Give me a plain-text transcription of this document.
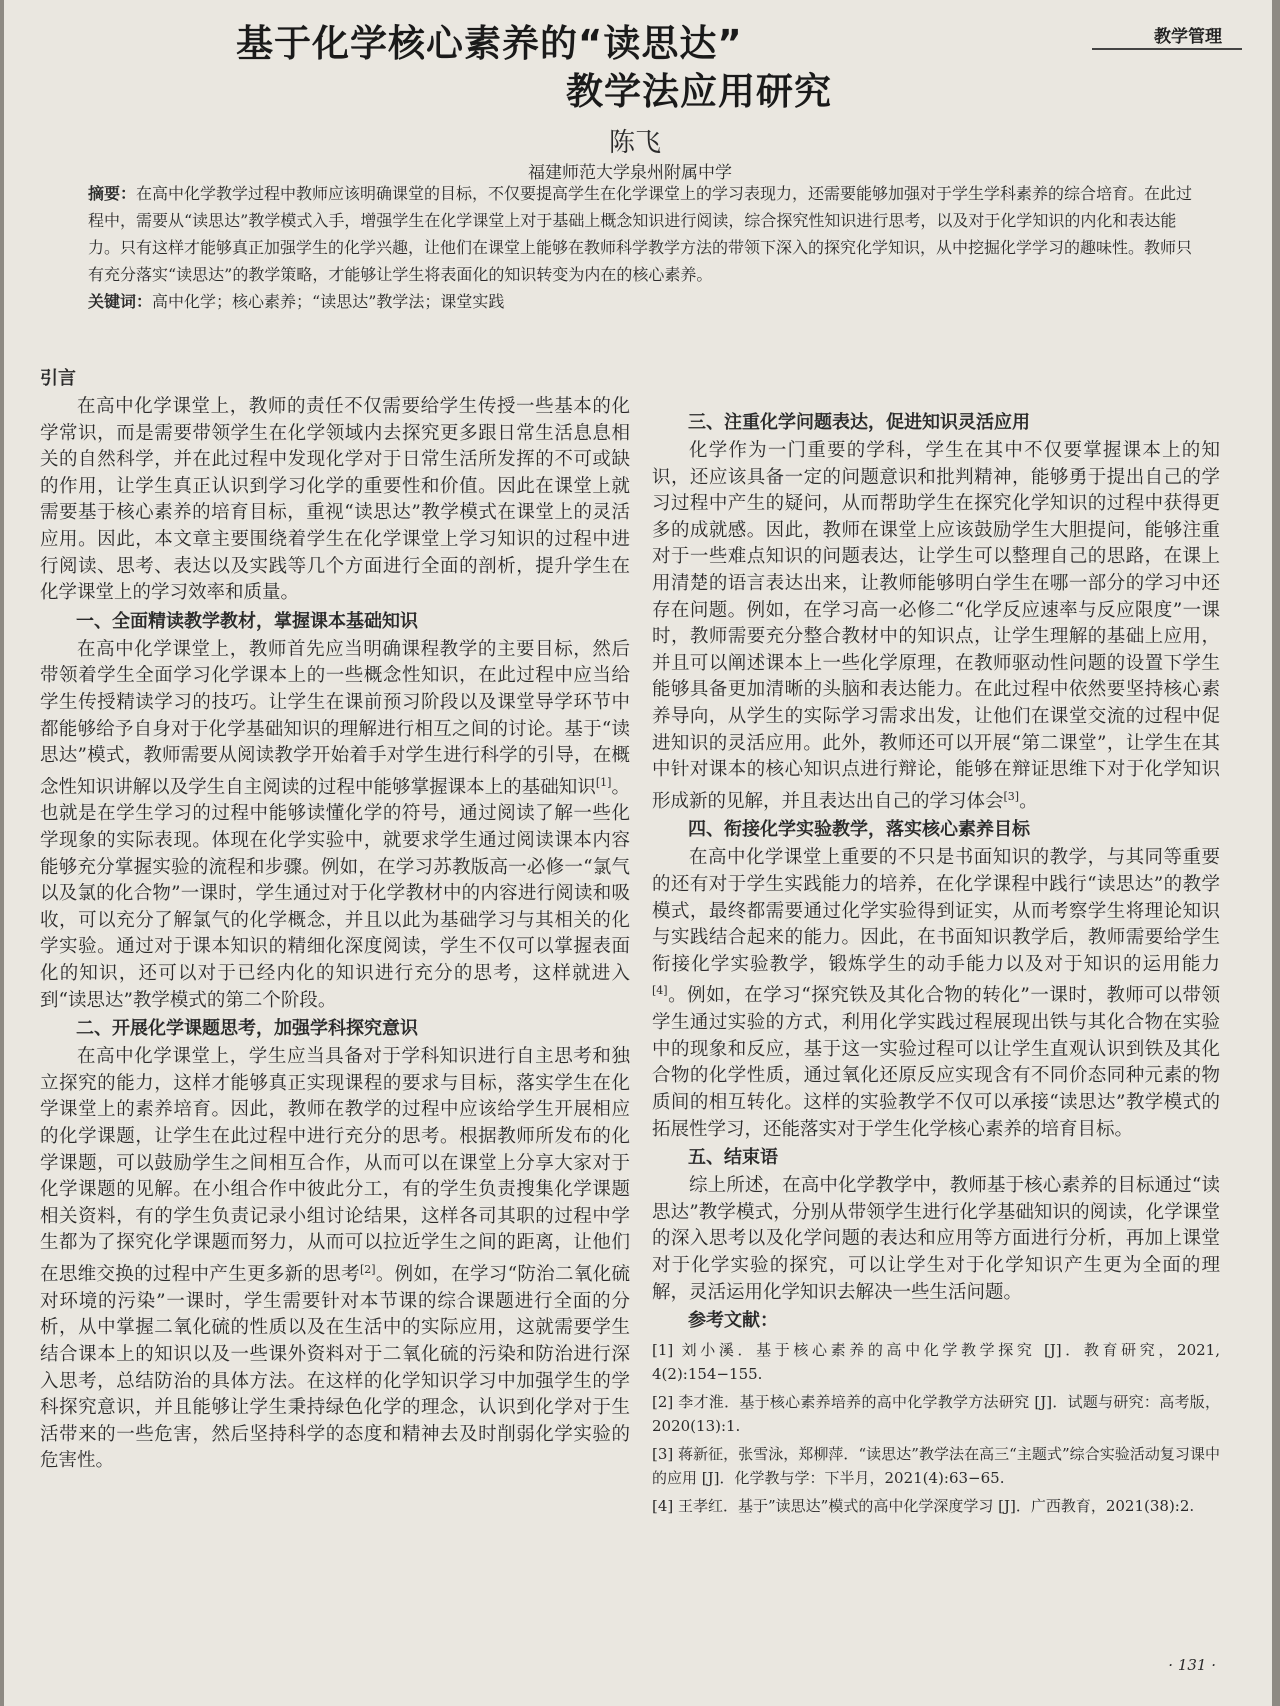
教学管理
基于化学核心素养的“读思达”
教学法应用研究
陈飞
福建师范大学泉州附属中学

摘要：在高中化学教学过程中教师应该明确课堂的目标，不仅要提高学生在化学课堂上的学习表现力，还需要能够加强对于学生学科素养的综合培育。在此过程中，需要从“读思达”教学模式入手，增强学生在化学课堂上对于基础上概念知识进行阅读，综合探究性知识进行思考，以及对于化学知识的内化和表达能力。只有这样才能够真正加强学生的化学兴趣，让他们在课堂上能够在教师科学教学方法的带领下深入的探究化学知识，从中挖掘化学学习的趣味性。教师只有充分落实“读思达”的教学策略，才能够让学生将表面化的知识转变为内在的核心素养。

关键词：高中化学；核心素养；“读思达”教学法；课堂实践

引言

在高中化学课堂上，教师的责任不仅需要给学生传授一些基本的化学常识，而是需要带领学生在化学领域内去探究更多跟日常生活息息相关的自然科学，并在此过程中发现化学对于日常生活所发挥的不可或缺的作用，让学生真正认识到学习化学的重要性和价值。因此在课堂上就需要基于核心素养的培育目标，重视“读思达”教学模式在课堂上的灵活应用。因此，本文章主要围绕着学生在化学课堂上学习知识的过程中进行阅读、思考、表达以及实践等几个方面进行全面的剖析，提升学生在化学课堂上的学习效率和质量。

一、全面精读教学教材，掌握课本基础知识

在高中化学课堂上，教师首先应当明确课程教学的主要目标，然后带领着学生全面学习化学课本上的一些概念性知识，在此过程中应当给学生传授精读学习的技巧。让学生在课前预习阶段以及课堂导学环节中都能够给予自身对于化学基础知识的理解进行相互之间的讨论。基于“读思达”模式，教师需要从阅读教学开始着手对学生进行科学的引导，在概念性知识讲解以及学生自主阅读的过程中能够掌握课本上的基础知识[1]。也就是在学生学习的过程中能够读懂化学的符号，通过阅读了解一些化学现象的实际表现。体现在化学实验中，就要求学生通过阅读课本内容能够充分掌握实验的流程和步骤。例如，在学习苏教版高一必修一“氯气以及氯的化合物”一课时，学生通过对于化学教材中的内容进行阅读和吸收，可以充分了解氯气的化学概念，并且以此为基础学习与其相关的化学实验。通过对于课本知识的精细化深度阅读，学生不仅可以掌握表面化的知识，还可以对于已经内化的知识进行充分的思考，这样就进入到“读思达”教学模式的第二个阶段。

二、开展化学课题思考，加强学科探究意识

在高中化学课堂上，学生应当具备对于学科知识进行自主思考和独立探究的能力，这样才能够真正实现课程的要求与目标，落实学生在化学课堂上的素养培育。因此，教师在教学的过程中应该给学生开展相应的化学课题，让学生在此过程中进行充分的思考。根据教师所发布的化学课题，可以鼓励学生之间相互合作，从而可以在课堂上分享大家对于化学课题的见解。在小组合作中彼此分工，有的学生负责搜集化学课题相关资料，有的学生负责记录小组讨论结果，这样各司其职的过程中学生都为了探究化学课题而努力，从而可以拉近学生之间的距离，让他们在思维交换的过程中产生更多新的思考[2]。例如，在学习“防治二氧化硫对环境的污染”一课时，学生需要针对本节课的综合课题进行全面的分析，从中掌握二氧化硫的性质以及在生活中的实际应用，这就需要学生结合课本上的知识以及一些课外资料对于二氧化硫的污染和防治进行深入思考，总结防治的具体方法。在这样的化学知识学习中加强学生的学科探究意识，并且能够让学生秉持绿色化学的理念，认识到化学对于生活带来的一些危害，然后坚持科学的态度和精神去及时削弱化学实验的危害性。

三、注重化学问题表达，促进知识灵活应用

化学作为一门重要的学科，学生在其中不仅要掌握课本上的知识，还应该具备一定的问题意识和批判精神，能够勇于提出自己的学习过程中产生的疑问，从而帮助学生在探究化学知识的过程中获得更多的成就感。因此，教师在课堂上应该鼓励学生大胆提问，能够注重对于一些难点知识的问题表达，让学生可以整理自己的思路，在课上用清楚的语言表达出来，让教师能够明白学生在哪一部分的学习中还存在问题。例如，在学习高一必修二“化学反应速率与反应限度”一课时，教师需要充分整合教材中的知识点，让学生理解的基础上应用，并且可以阐述课本上一些化学原理，在教师驱动性问题的设置下学生能够具备更加清晰的头脑和表达能力。在此过程中依然要坚持核心素养导向，从学生的实际学习需求出发，让他们在课堂交流的过程中促进知识的灵活应用。此外，教师还可以开展“第二课堂”，让学生在其中针对课本的核心知识点进行辩论，能够在辩证思维下对于化学知识形成新的见解，并且表达出自己的学习体会[3]。

四、衔接化学实验教学，落实核心素养目标

在高中化学课堂上重要的不只是书面知识的教学，与其同等重要的还有对于学生实践能力的培养，在化学课程中践行“读思达”的教学模式，最终都需要通过化学实验得到证实，从而考察学生将理论知识与实践结合起来的能力。因此，在书面知识教学后，教师需要给学生衔接化学实验教学，锻炼学生的动手能力以及对于知识的运用能力[4]。例如，在学习“探究铁及其化合物的转化”一课时，教师可以带领学生通过实验的方式，利用化学实践过程展现出铁与其化合物在实验中的现象和反应，基于这一实验过程可以让学生直观认识到铁及其化合物的化学性质，通过氧化还原反应实现含有不同价态同种元素的物质间的相互转化。这样的实验教学不仅可以承接“读思达”教学模式的拓展性学习，还能落实对于学生化学核心素养的培育目标。

五、结束语

综上所述，在高中化学教学中，教师基于核心素养的目标通过“读思达”教学模式，分别从带领学生进行化学基础知识的阅读，化学课堂的深入思考以及化学问题的表达和应用等方面进行分析，再加上课堂对于化学实验的探究，可以让学生对于化学知识产生更为全面的理解，灵活运用化学知识去解决一些生活问题。

参考文献：

[1] 刘小溪．基于核心素养的高中化学教学探究 [J]．教育研究，2021, 4(2):154−155.

[2] 李才淮．基于核心素养培养的高中化学教学方法研究 [J]．试题与研究：高考版，2020(13):1.

[3] 蒋新征，张雪泳，郑柳萍．“读思达”教学法在高三“主题式”综合实验活动复习课中的应用 [J]．化学教与学：下半月，2021(4):63−65.

[4] 王孝红．基于”读思达”模式的高中化学深度学习 [J]．广西教育，2021(38):2.

· 131 ·
